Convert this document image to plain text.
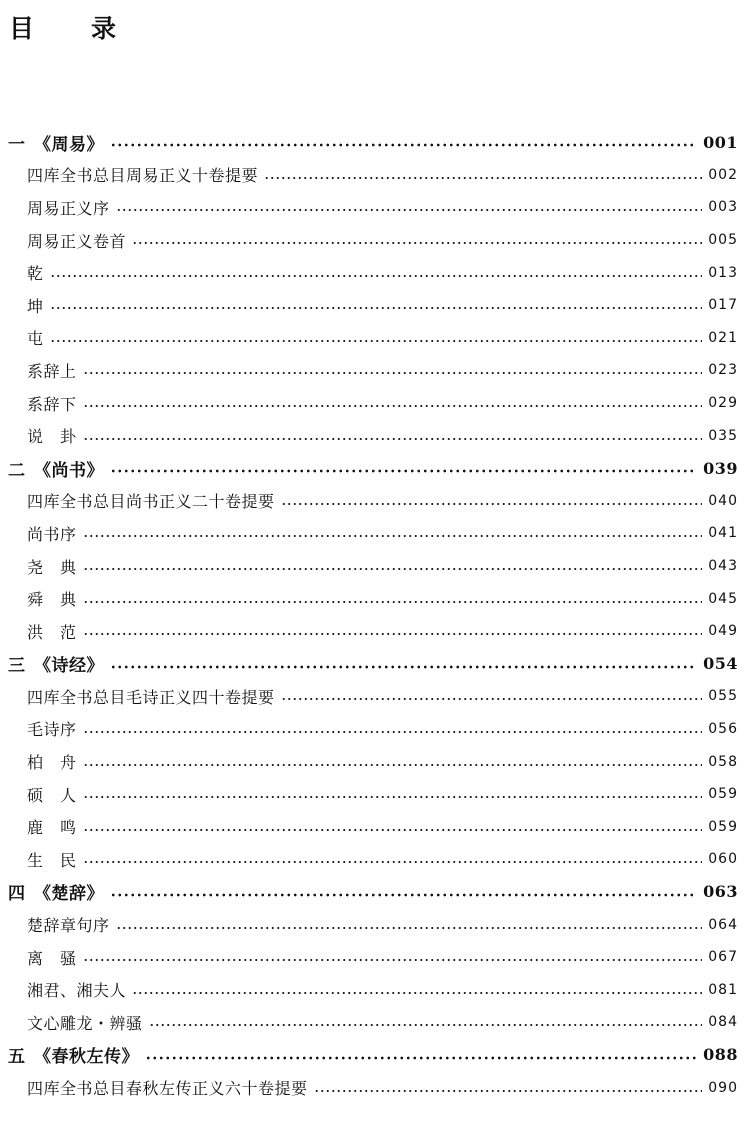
目　录
一 《周易》	001
四库全书总目周易正义十卷提要	002
周易正义序	003
周易正义卷首	005
乾	013
坤	017
屯	021
系辞上	023
系辞下	029
说　卦	035
二 《尚书》	039
四库全书总目尚书正义二十卷提要	040
尚书序	041
尧　典	043
舜　典	045
洪　范	049
三 《诗经》	054
四库全书总目毛诗正义四十卷提要	055
毛诗序	056
柏　舟	058
硕　人	059
鹿　鸣	059
生　民	060
四 《楚辞》	063
楚辞章句序	064
离　骚	067
湘君、湘夫人	081
文心雕龙・辨骚	084
五 《春秋左传》	088
四库全书总目春秋左传正义六十卷提要	090
